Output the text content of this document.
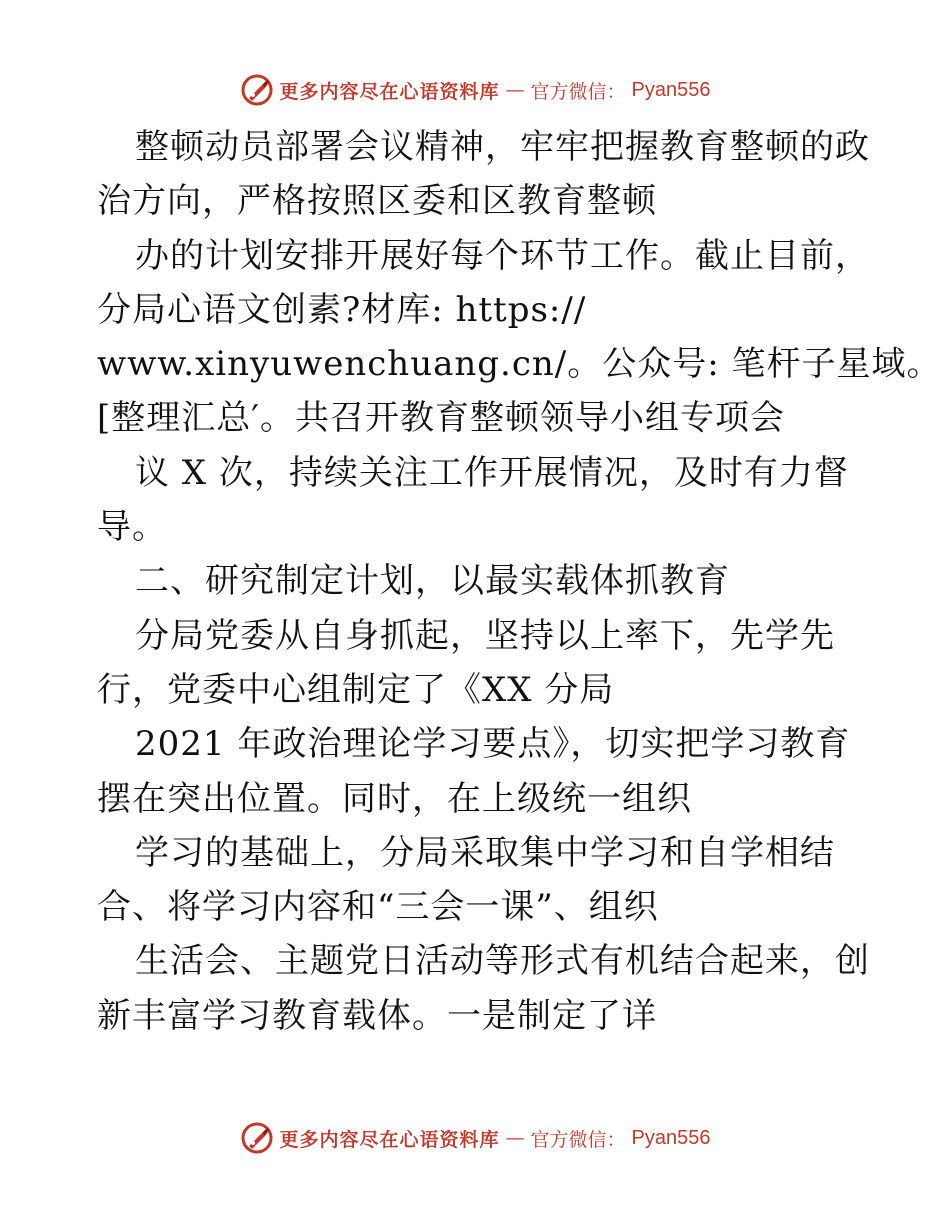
更多内容尽在心语资料库 — 官方微信： Pyan556
整顿动员部署会议精神，牢牢把握教育整顿的政
治方向，严格按照区委和区教育整顿
办的计划安排开展好每个环节工作。截止目前，
分局心语文创素?材库: https://
www.xinyuwenchuang.cn/。公众号: 笔杆子星域。
[整理汇总′。共召开教育整顿领导小组专项会
议 X 次，持续关注工作开展情况，及时有力督
导。
二、研究制定计划，以最实载体抓教育
分局党委从自身抓起，坚持以上率下，先学先
行，党委中心组制定了《XX 分局
2021 年政治理论学习要点》，切实把学习教育
摆在突出位置。同时，在上级统一组织
学习的基础上，分局采取集中学习和自学相结
合、将学习内容和“三会一课”、组织
生活会、主题党日活动等形式有机结合起来，创
新丰富学习教育载体。一是制定了详
更多内容尽在心语资料库 — 官方微信： Pyan556
